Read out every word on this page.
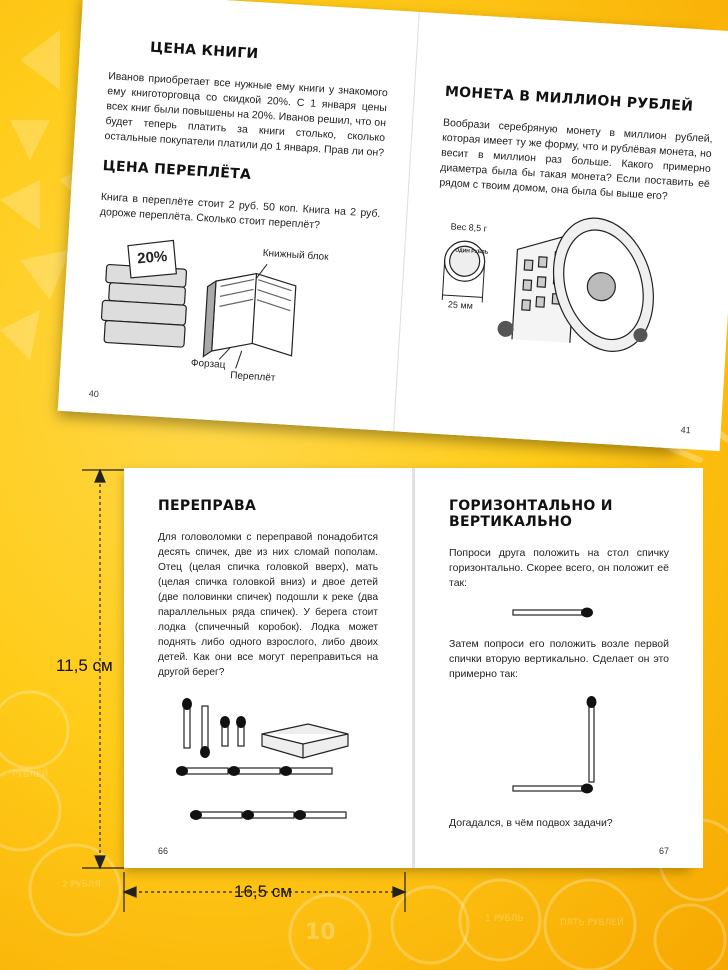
ЦЕНА КНИГИ

Иванов приобретает все нужные ему книги у знакомого ему книготорговца со скидкой 20%. С 1 января цены всех книг были повышены на 20%. Иванов решил, что он будет теперь платить за книги столько, сколько остальные покупатели платили до 1 января. Прав ли он?

ЦЕНА ПЕРЕПЛЁТА

Книга в переплёте стоит 2 руб. 50 коп. Книга на 2 руб. дороже переплёта. Сколько стоит переплёт?

20%	Книжный блок
Форзац
Переплёт
40
МОНЕТА В МИЛЛИОН РУБЛЕЙ

Вообрази серебряную монету в миллион рублей, которая имеет ту же форму, что и рублёвая монета, но весит в миллион раз больше. Какого примерно диаметра была бы такая монета? Если поставить её рядом с твоим домом, она была бы выше его?

Вес 8,5 г
25 мм
ОДИН РУБЛЬ
41
11,5 см
16,5 см
ПЕРЕПРАВА

Для головоломки с переправой понадобится десять спичек, две из них сломай пополам. Отец (целая спичка головкой вверх), мать (целая спичка головкой вниз) и двое детей (две половинки спичек) подошли к реке (два параллельных ряда спичек). У берега стоит лодка (спичечный коробок). Лодка может поднять либо одного взрослого, либо двоих детей. Как они все могут переправиться на другой берег?

66
ГОРИЗОНТАЛЬНО И ВЕРТИКАЛЬНО

Попроси друга положить на стол спичку горизонтально. Скорее всего, он положит её так:

Затем попроси его положить возле первой спички вторую вертикально. Сделает он это примерно так:

Догадался, в чём подвох задачи?

67
2 РУБЛЯ
10
1 РУБЛЬ	ПЯТЬ РУБЛЕЙ
РУБЛЕЙ
